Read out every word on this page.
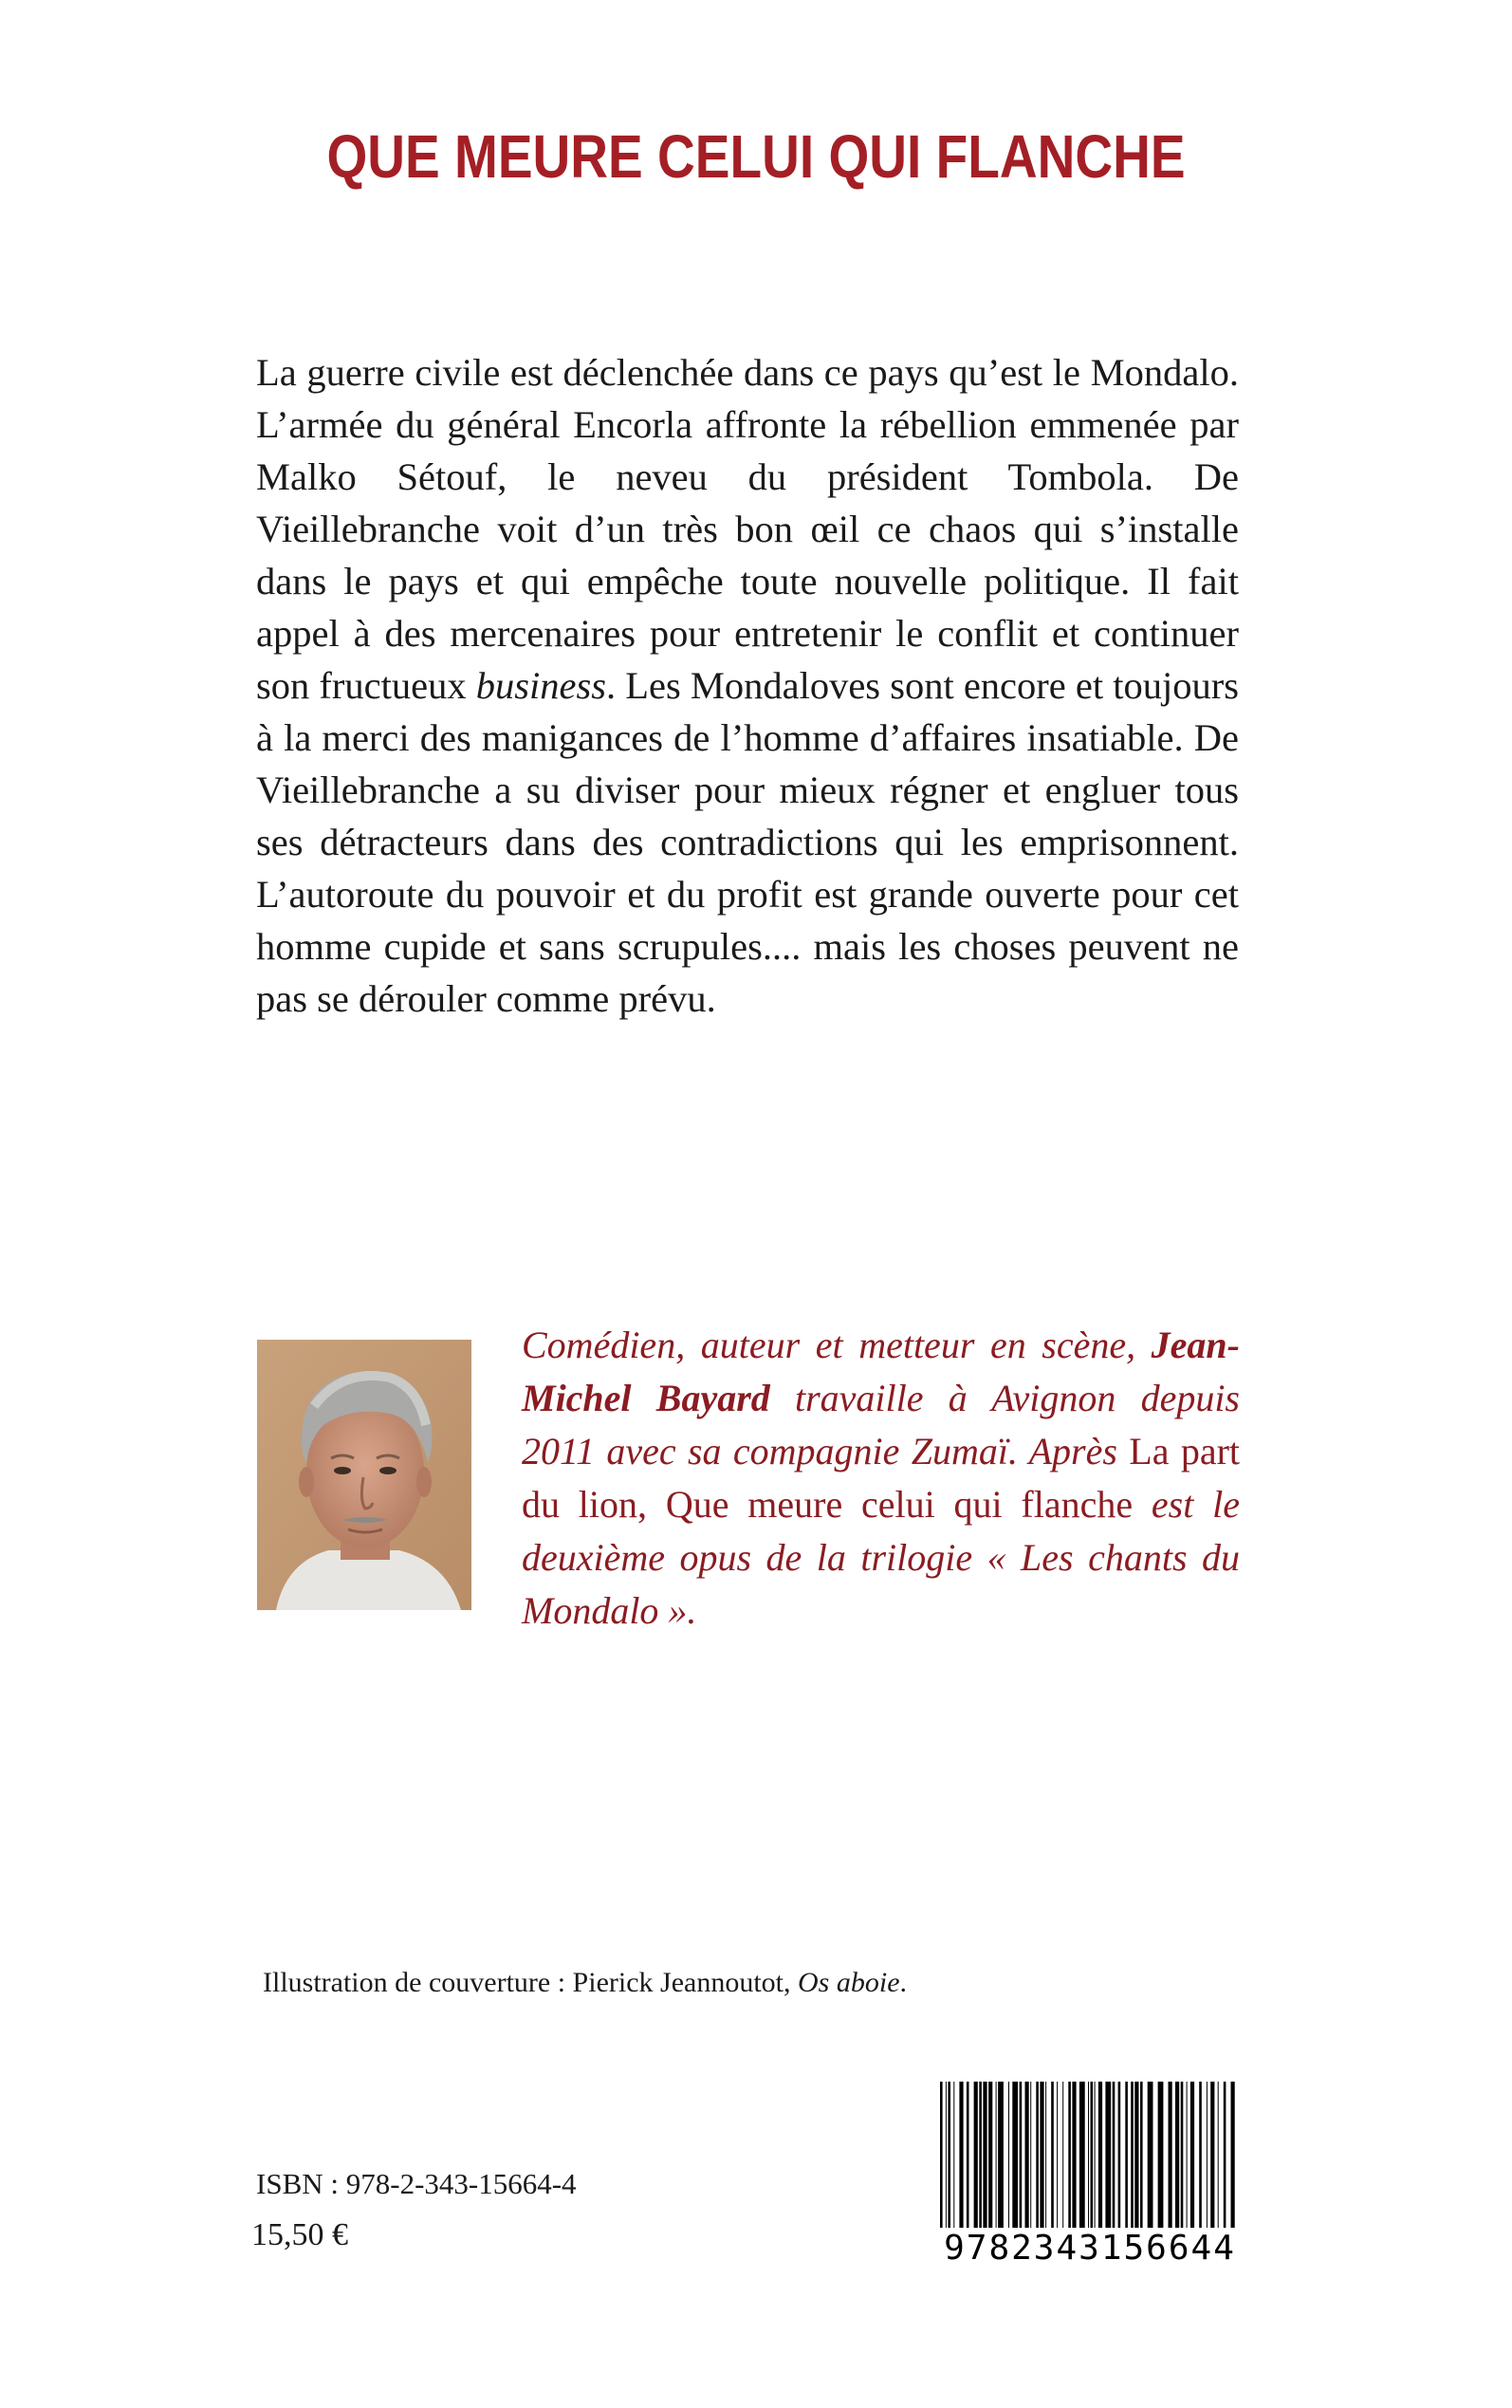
QUE MEURE CELUI QUI FLANCHE

La guerre civile est déclenchée dans ce pays qu’est le Mondalo. L’armée du général Encorla affronte la rébellion emmenée par Malko Sétouf, le neveu du président Tombola. De Vieillebranche voit d’un très bon œil ce chaos qui s’installe dans le pays et qui empêche toute nouvelle politique. Il fait appel à des mercenaires pour entretenir le conflit et continuer son fructueux business. Les Mondaloves sont encore et toujours à la merci des manigances de l’homme d’affaires insatiable. De Vieillebranche a su diviser pour mieux régner et engluer tous ses détracteurs dans des contradictions qui les emprisonnent. L’autoroute du pouvoir et du profit est grande ouverte pour cet homme cupide et sans scrupules.... mais les choses peuvent ne pas se dérouler comme prévu.

Comédien, auteur et metteur en scène, Jean-Michel Bayard travaille à Avignon depuis 2011 avec sa compagnie Zumaï. Après La part du lion, Que meure celui qui flanche est le deuxième opus de la trilogie « Les chants du Mondalo ».

Illustration de couverture : Pierick Jeannoutot, Os aboie.

ISBN : 978-2-343-15664-4

15,50 €	9782343156644
